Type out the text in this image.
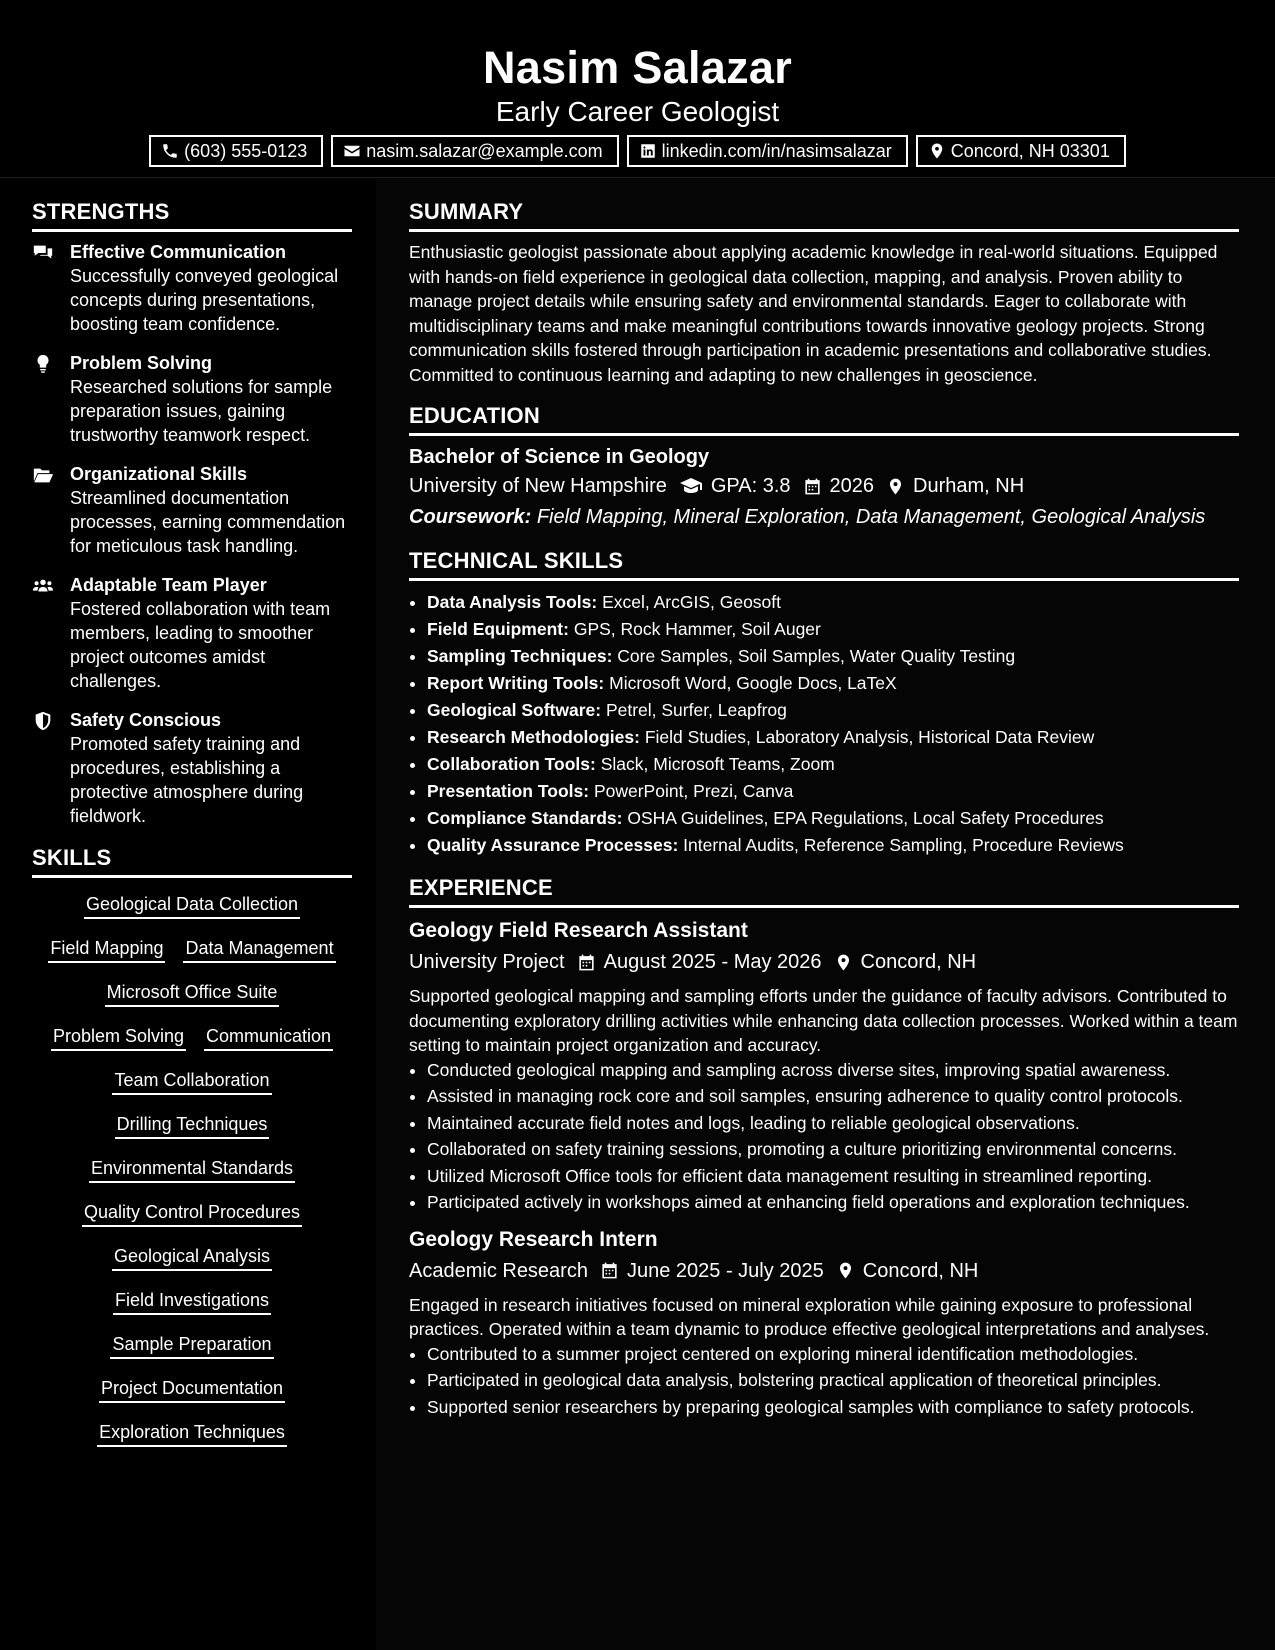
Nasim Salazar
Early Career Geologist
(603) 555-0123	nasim.salazar@example.com	linkedin.com/in/nasimsalazar	Concord, NH 03301
STRENGTHS
Effective Communication
Successfully conveyed geological concepts during presentations, boosting team confidence.
Problem Solving
Researched solutions for sample preparation issues, gaining trustworthy teamwork respect.
Organizational Skills
Streamlined documentation processes, earning commendation for meticulous task handling.
Adaptable Team Player
Fostered collaboration with team members, leading to smoother project outcomes amidst challenges.
Safety Conscious
Promoted safety training and procedures, establishing a protective atmosphere during fieldwork.
SKILLS
Geological Data Collection
Field Mapping Data Management
Microsoft Office Suite
Problem Solving Communication
Team Collaboration
Drilling Techniques
Environmental Standards
Quality Control Procedures
Geological Analysis
Field Investigations
Sample Preparation
Project Documentation
Exploration Techniques
SUMMARY
Enthusiastic geologist passionate about applying academic knowledge in real-world situations. Equipped with hands-on field experience in geological data collection, mapping, and analysis. Proven ability to manage project details while ensuring safety and environmental standards. Eager to collaborate with multidisciplinary teams and make meaningful contributions towards innovative geology projects. Strong communication skills fostered through participation in academic presentations and collaborative studies. Committed to continuous learning and adapting to new challenges in geoscience.
EDUCATION
Bachelor of Science in Geology
University of New Hampshire GPA: 3.8 2026 Durham, NH
Coursework: Field Mapping, Mineral Exploration, Data Management, Geological Analysis
TECHNICAL SKILLS
• Data Analysis Tools: Excel, ArcGIS, Geosoft
• Field Equipment: GPS, Rock Hammer, Soil Auger
• Sampling Techniques: Core Samples, Soil Samples, Water Quality Testing
• Report Writing Tools: Microsoft Word, Google Docs, LaTeX
• Geological Software: Petrel, Surfer, Leapfrog
• Research Methodologies: Field Studies, Laboratory Analysis, Historical Data Review
• Collaboration Tools: Slack, Microsoft Teams, Zoom
• Presentation Tools: PowerPoint, Prezi, Canva
• Compliance Standards: OSHA Guidelines, EPA Regulations, Local Safety Procedures
• Quality Assurance Processes: Internal Audits, Reference Sampling, Procedure Reviews
EXPERIENCE
Geology Field Research Assistant
University Project August 2025 - May 2026 Concord, NH
Supported geological mapping and sampling efforts under the guidance of faculty advisors. Contributed to documenting exploratory drilling activities while enhancing data collection processes. Worked within a team setting to maintain project organization and accuracy.
• Conducted geological mapping and sampling across diverse sites, improving spatial awareness.
• Assisted in managing rock core and soil samples, ensuring adherence to quality control protocols.
• Maintained accurate field notes and logs, leading to reliable geological observations.
• Collaborated on safety training sessions, promoting a culture prioritizing environmental concerns.
• Utilized Microsoft Office tools for efficient data management resulting in streamlined reporting.
• Participated actively in workshops aimed at enhancing field operations and exploration techniques.
Geology Research Intern
Academic Research June 2025 - July 2025 Concord, NH
Engaged in research initiatives focused on mineral exploration while gaining exposure to professional practices. Operated within a team dynamic to produce effective geological interpretations and analyses.
• Contributed to a summer project centered on exploring mineral identification methodologies.
• Participated in geological data analysis, bolstering practical application of theoretical principles.
• Supported senior researchers by preparing geological samples with compliance to safety protocols.
